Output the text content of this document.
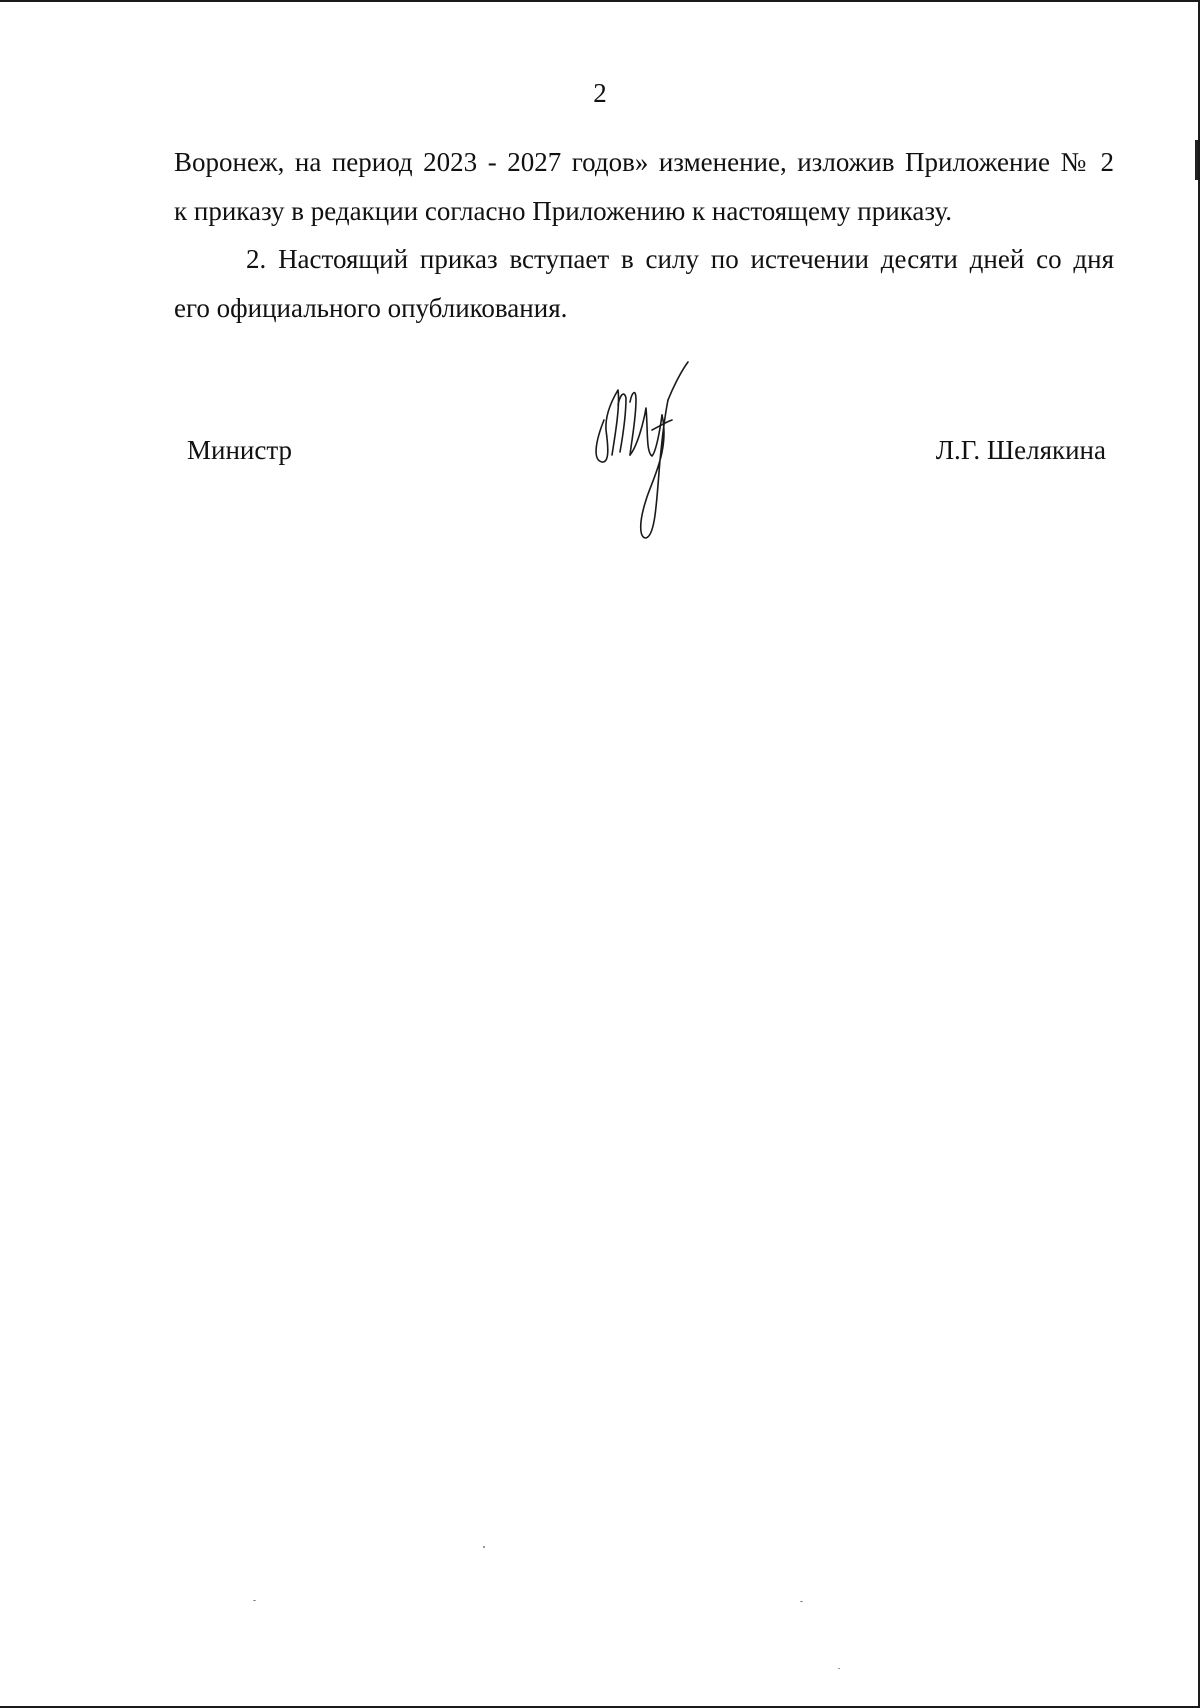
2
Воронеж, на период 2023 - 2027 годов» изменение, изложив Приложение № 2
к приказу в редакции согласно Приложению к настоящему приказу.
2. Настоящий приказ вступает в силу по истечении десяти дней со дня
его официального опубликования.
Министр	Л.Г. Шелякина
